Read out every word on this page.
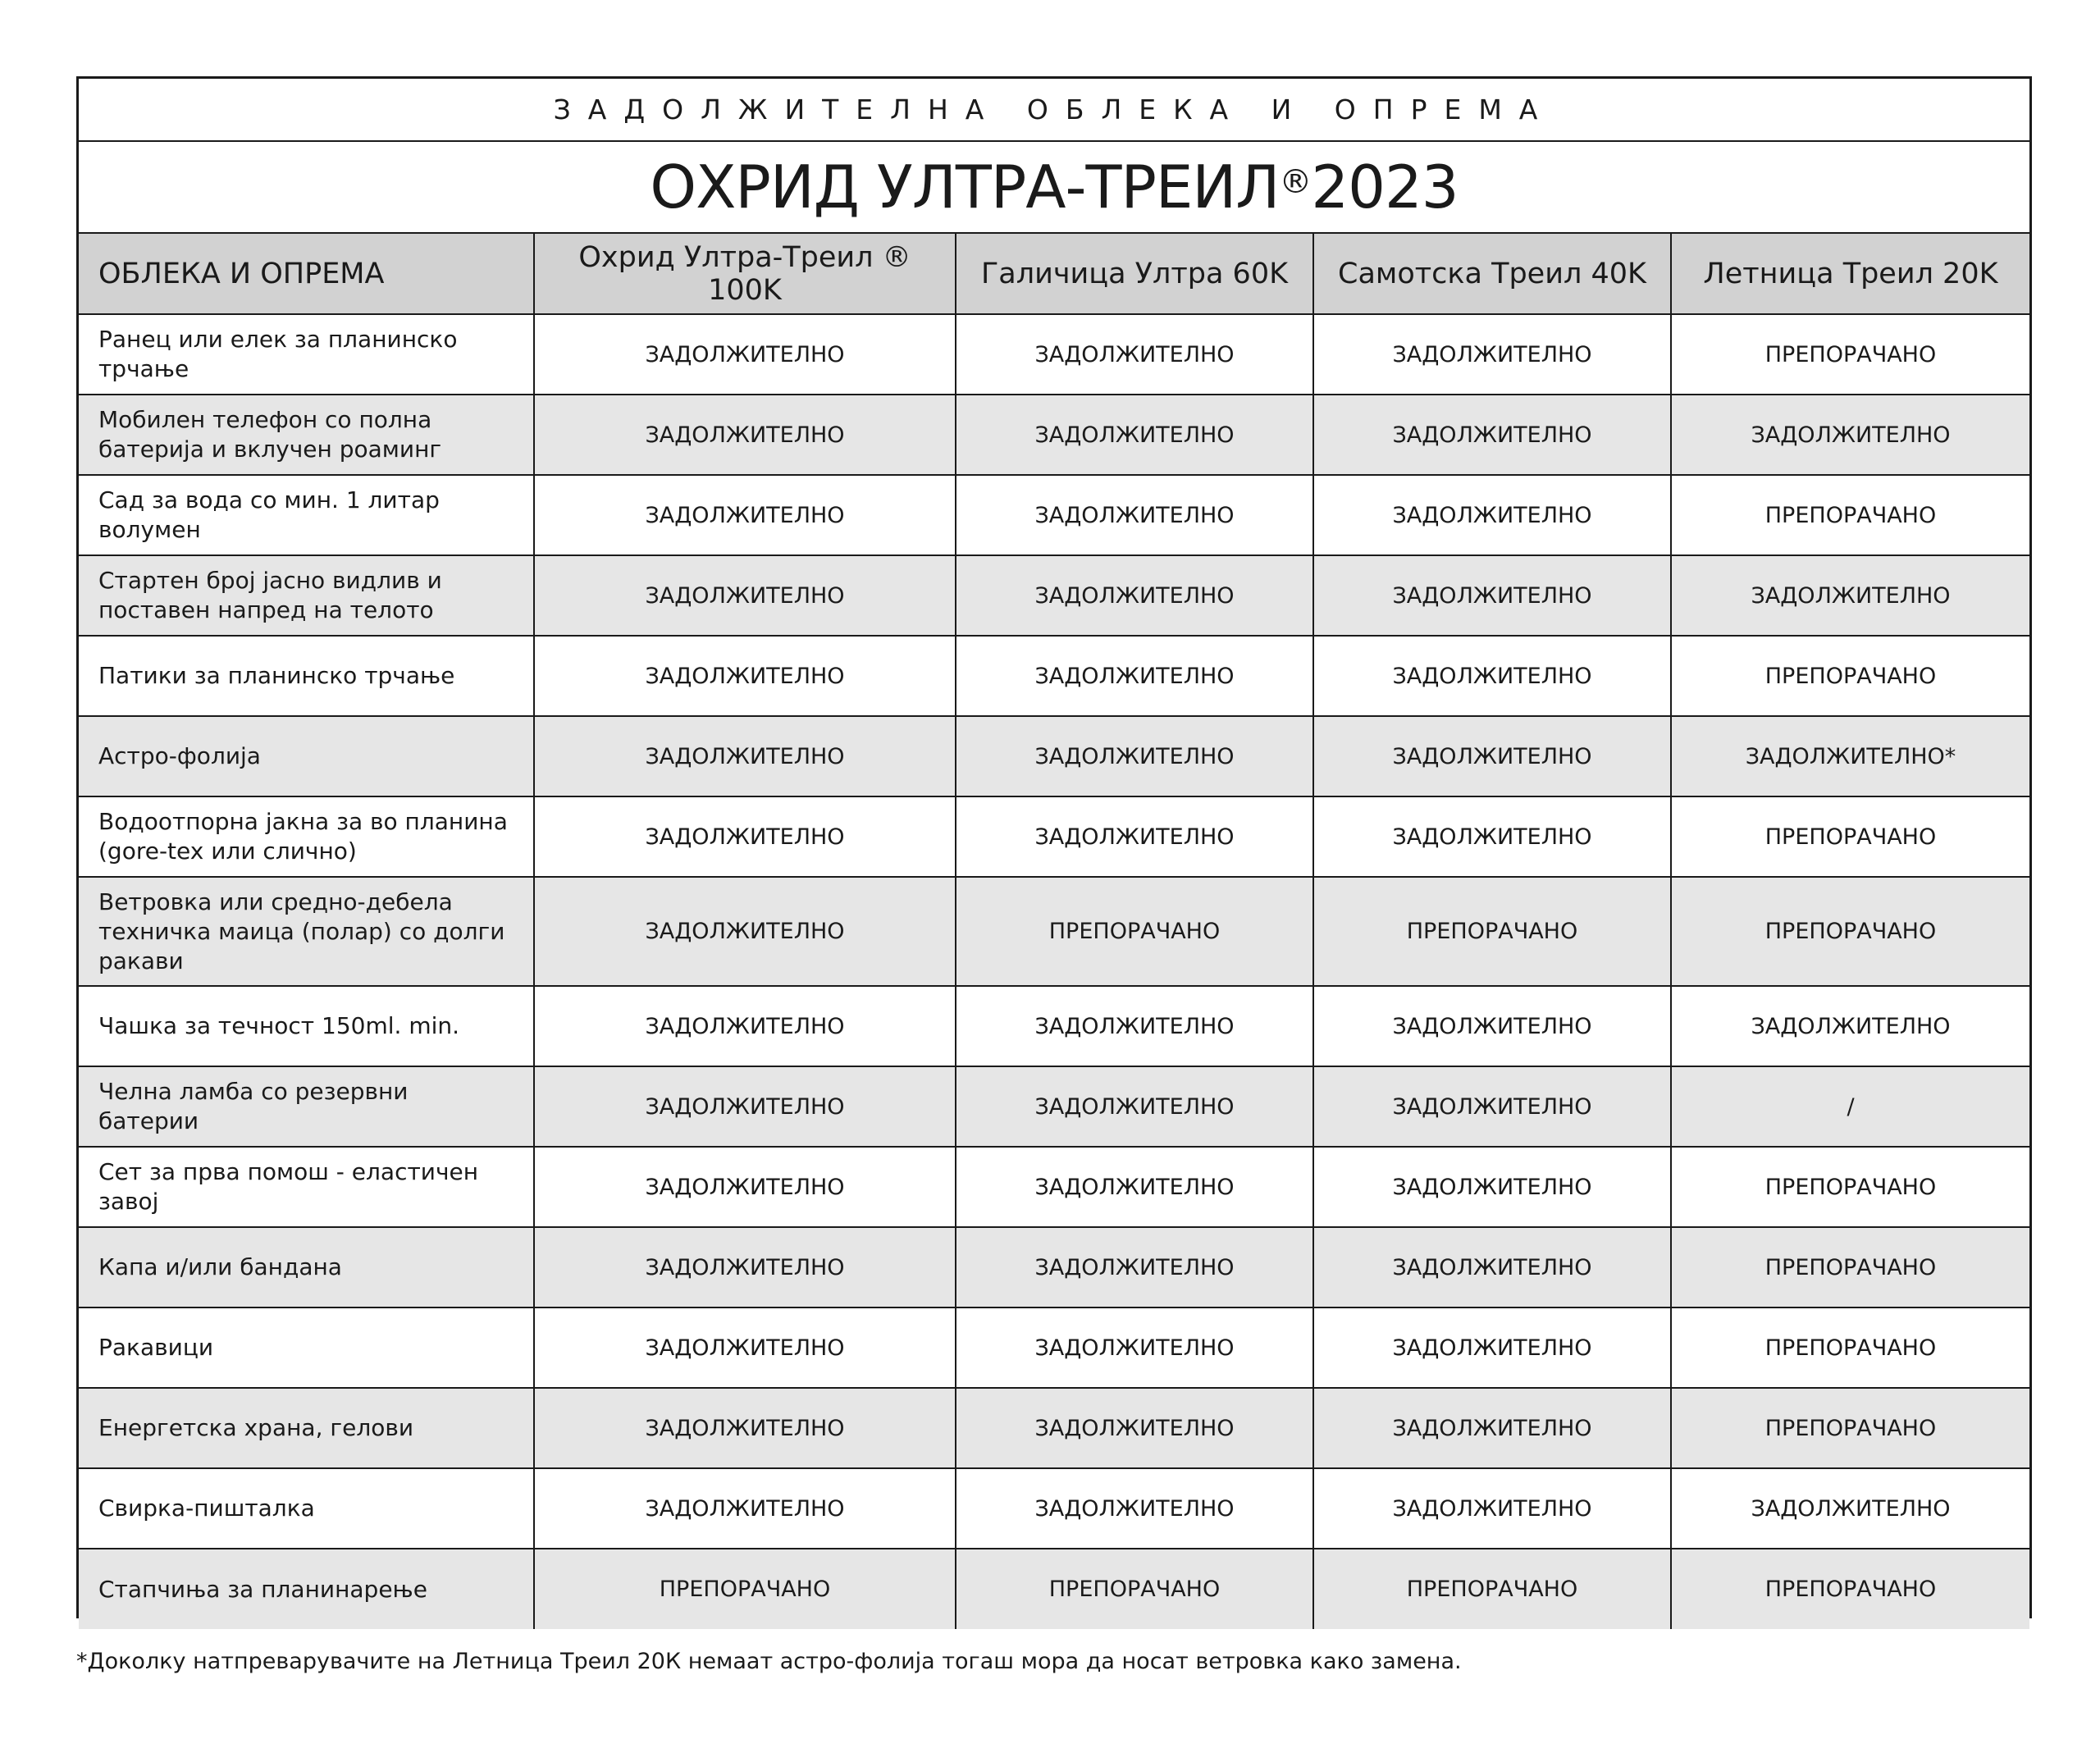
ЗАДОЛЖИТЕЛНА ОБЛЕКА И ОПРЕМА
ОХРИД УЛТРА-ТРЕИЛ® 2023
ОБЛЕКА И ОПРЕМА	Охрид Ултра-Треил ® 100K	Галичица Ултра 60K	Самотска Треил 40K	Летница Треил 20K
Ранец или елек за планинско трчање	ЗАДОЛЖИТЕЛНО	ЗАДОЛЖИТЕЛНО	ЗАДОЛЖИТЕЛНО	ПРЕПОРАЧАНО
Мобилен телефон со полна батерија и вклучен роаминг	ЗАДОЛЖИТЕЛНО	ЗАДОЛЖИТЕЛНО	ЗАДОЛЖИТЕЛНО	ЗАДОЛЖИТЕЛНО
Сад за вода со мин. 1 литар волумен	ЗАДОЛЖИТЕЛНО	ЗАДОЛЖИТЕЛНО	ЗАДОЛЖИТЕЛНО	ПРЕПОРАЧАНО
Стартен број јасно видлив и поставен напред на телото	ЗАДОЛЖИТЕЛНО	ЗАДОЛЖИТЕЛНО	ЗАДОЛЖИТЕЛНО	ЗАДОЛЖИТЕЛНО
Патики за планинско трчање	ЗАДОЛЖИТЕЛНО	ЗАДОЛЖИТЕЛНО	ЗАДОЛЖИТЕЛНО	ПРЕПОРАЧАНО
Астро-фолија	ЗАДОЛЖИТЕЛНО	ЗАДОЛЖИТЕЛНО	ЗАДОЛЖИТЕЛНО	ЗАДОЛЖИТЕЛНО*
Водоотпорна јакна за во планина (gore-tex или слично)	ЗАДОЛЖИТЕЛНО	ЗАДОЛЖИТЕЛНО	ЗАДОЛЖИТЕЛНО	ПРЕПОРАЧАНО
Ветровка или средно-дебела техничка маица (полар) со долги ракави	ЗАДОЛЖИТЕЛНО	ПРЕПОРАЧАНО	ПРЕПОРАЧАНО	ПРЕПОРАЧАНО
Чашка за течност 150ml. min.	ЗАДОЛЖИТЕЛНО	ЗАДОЛЖИТЕЛНО	ЗАДОЛЖИТЕЛНО	ЗАДОЛЖИТЕЛНО
Челна ламба со резервни батерии	ЗАДОЛЖИТЕЛНО	ЗАДОЛЖИТЕЛНО	ЗАДОЛЖИТЕЛНО	/
Сет за прва помош - еластичен завој	ЗАДОЛЖИТЕЛНО	ЗАДОЛЖИТЕЛНО	ЗАДОЛЖИТЕЛНО	ПРЕПОРАЧАНО
Капа и/или бандана	ЗАДОЛЖИТЕЛНО	ЗАДОЛЖИТЕЛНО	ЗАДОЛЖИТЕЛНО	ПРЕПОРАЧАНО
Ракавици	ЗАДОЛЖИТЕЛНО	ЗАДОЛЖИТЕЛНО	ЗАДОЛЖИТЕЛНО	ПРЕПОРАЧАНО
Енергетска храна, гелови	ЗАДОЛЖИТЕЛНО	ЗАДОЛЖИТЕЛНО	ЗАДОЛЖИТЕЛНО	ПРЕПОРАЧАНО
Свирка-пишталка	ЗАДОЛЖИТЕЛНО	ЗАДОЛЖИТЕЛНО	ЗАДОЛЖИТЕЛНО	ЗАДОЛЖИТЕЛНО
Стапчиња за планинарење	ПРЕПОРАЧАНО	ПРЕПОРАЧАНО	ПРЕПОРАЧАНО	ПРЕПОРАЧАНО
*Доколку натпреварувачите на Летница Треил 20К немаат астро-фолија тогаш мора да носат ветровка како замена.
